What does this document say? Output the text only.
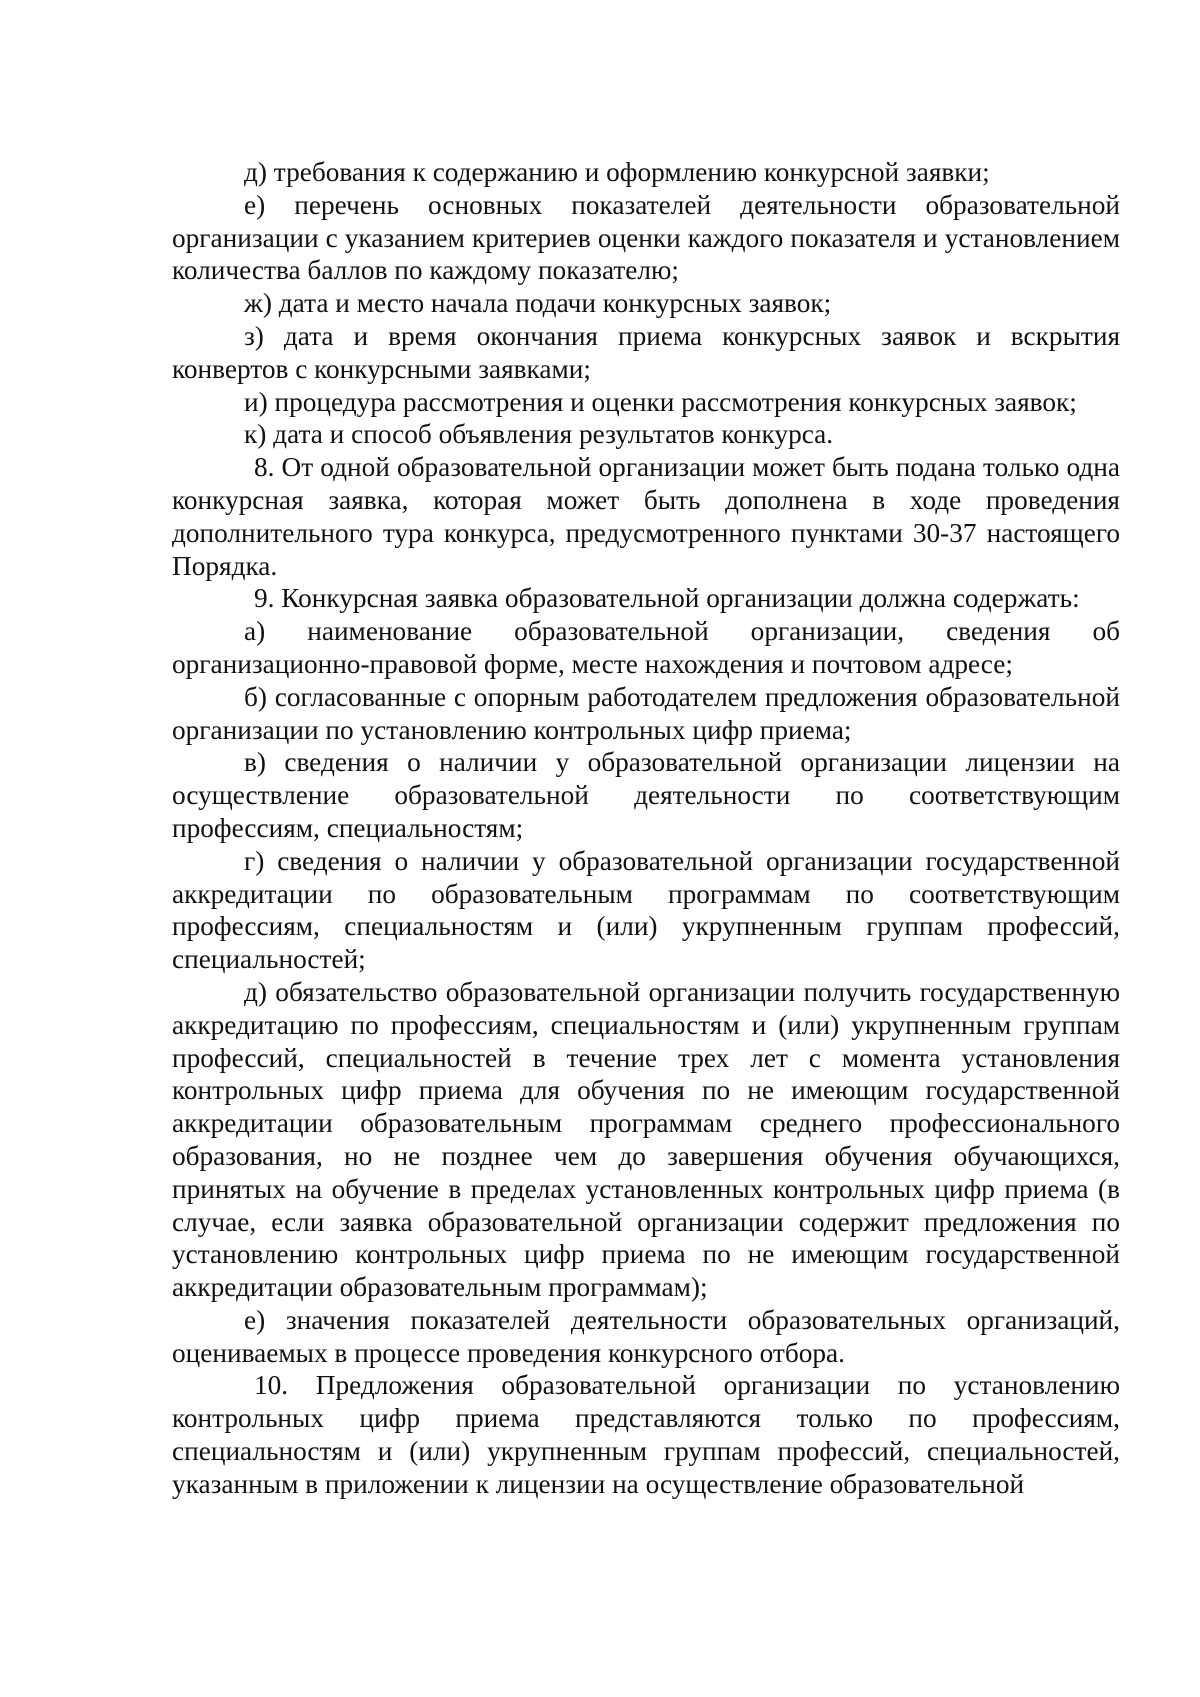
д) требования к содержанию и оформлению конкурсной заявки;

е) перечень основных показателей деятельности образовательной организации с указанием критериев оценки каждого показателя и установлением количества баллов по каждому показателю;

ж) дата и место начала подачи конкурсных заявок;

з) дата и время окончания приема конкурсных заявок и вскрытия конвертов с конкурсными заявками;

и) процедура рассмотрения и оценки рассмотрения конкурсных заявок;

к) дата и способ объявления результатов конкурса.

8. От одной образовательной организации может быть подана только одна конкурсная заявка, которая может быть дополнена в ходе проведения дополнительного тура конкурса, предусмотренного пунктами 30-37 настоящего Порядка.

9. Конкурсная заявка образовательной организации должна содержать:

а) наименование образовательной организации, сведения об организационно-правовой форме, месте нахождения и почтовом адресе;

б) согласованные с опорным работодателем предложения образовательной организации по установлению контрольных цифр приема;

в) сведения о наличии у образовательной организации лицензии на осуществление образовательной деятельности по соответствующим профессиям, специальностям;

г) сведения о наличии у образовательной организации государственной аккредитации по образовательным программам по соответствующим профессиям, специальностям и (или) укрупненным группам профессий, специальностей;

д) обязательство образовательной организации получить государственную аккредитацию по профессиям, специальностям и (или) укрупненным группам профессий, специальностей в течение трех лет с момента установления контрольных цифр приема для обучения по не имеющим государственной аккредитации образовательным программам среднего профессионального образования, но не позднее чем до завершения обучения обучающихся, принятых на обучение в пределах установленных контрольных цифр приема (в случае, если заявка образовательной организации содержит предложения по установлению контрольных цифр приема по не имеющим государственной аккредитации образовательным программам);

е) значения показателей деятельности образовательных организаций, оцениваемых в процессе проведения конкурсного отбора.

10. Предложения образовательной организации по установлению контрольных цифр приема представляются только по профессиям, специальностям и (или) укрупненным группам профессий, специальностей, указанным в приложении к лицензии на осуществление образовательной
